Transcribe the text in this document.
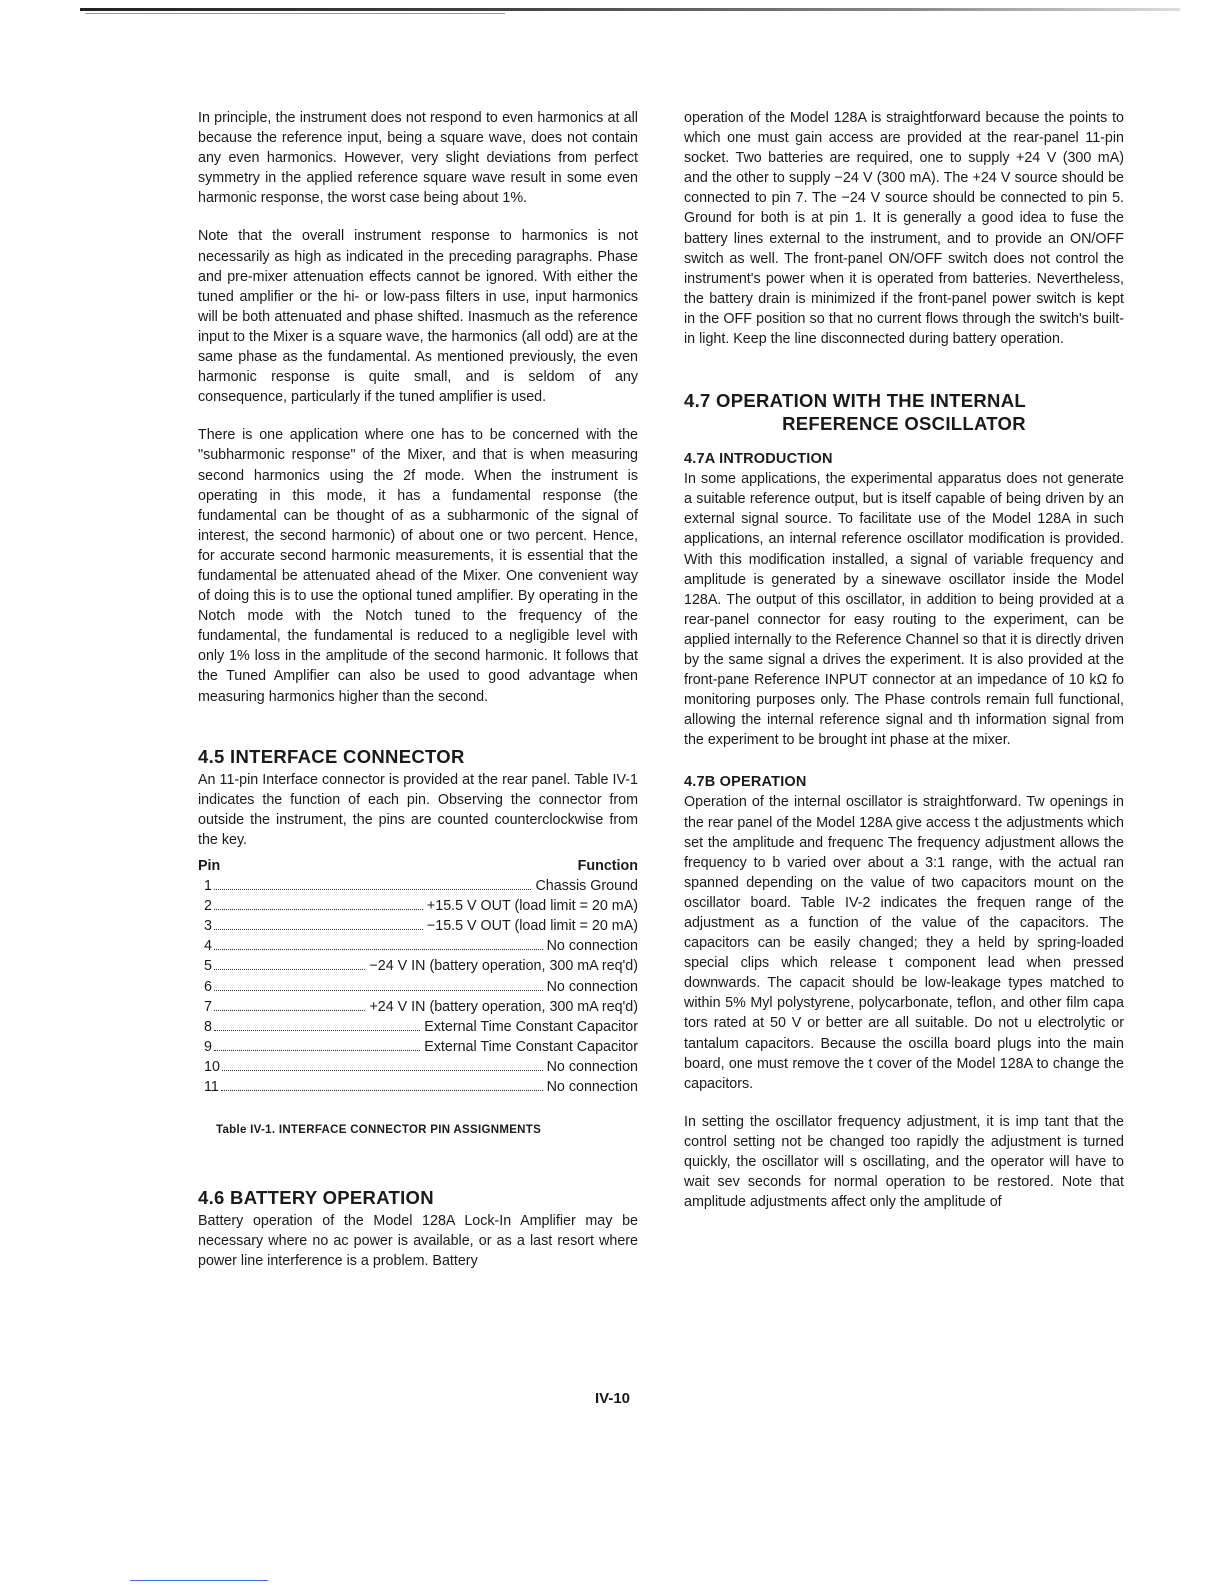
In principle, the instrument does not respond to even harmonics at all because the reference input, being a square wave, does not contain any even harmonics. However, very slight deviations from perfect symmetry in the applied reference square wave result in some even harmonic response, the worst case being about 1%.

Note that the overall instrument response to harmonics is not necessarily as high as indicated in the preceding paragraphs. Phase and pre-mixer attenuation effects cannot be ignored. With either the tuned amplifier or the hi- or low-pass filters in use, input harmonics will be both attenuated and phase shifted. Inasmuch as the reference input to the Mixer is a square wave, the harmonics (all odd) are at the same phase as the fundamental. As mentioned previously, the even harmonic response is quite small, and is seldom of any consequence, particularly if the tuned amplifier is used.

There is one application where one has to be concerned with the "subharmonic response" of the Mixer, and that is when measuring second harmonics using the 2f mode. When the instrument is operating in this mode, it has a fundamental response (the fundamental can be thought of as a subharmonic of the signal of interest, the second harmonic) of about one or two percent. Hence, for accurate second harmonic measurements, it is essential that the fundamental be attenuated ahead of the Mixer. One convenient way of doing this is to use the optional tuned amplifier. By operating in the Notch mode with the Notch tuned to the frequency of the fundamental, the fundamental is reduced to a negligible level with only 1% loss in the amplitude of the second harmonic. It follows that the Tuned Amplifier can also be used to good advantage when measuring harmonics higher than the second.

4.5 INTERFACE CONNECTOR

An 11-pin Interface connector is provided at the rear panel. Table IV-1 indicates the function of each pin. Observing the connector from outside the instrument, the pins are counted counterclockwise from the key.

Pin	Function
1	Chassis Ground
2	+15.5 V OUT (load limit = 20 mA)
3	−15.5 V OUT (load limit = 20 mA)
4	No connection
5	−24 V IN (battery operation, 300 mA req'd)
6	No connection
7	+24 V IN (battery operation, 300 mA req'd)
8	External Time Constant Capacitor
9	External Time Constant Capacitor
10	No connection
11	No connection
Table IV-1. INTERFACE CONNECTOR PIN ASSIGNMENTS
4.6 BATTERY OPERATION

Battery operation of the Model 128A Lock-In Amplifier may be necessary where no ac power is available, or as a last resort where power line interference is a problem. Battery

operation of the Model 128A is straightforward because the points to which one must gain access are provided at the rear-panel 11-pin socket. Two batteries are required, one to supply +24 V (300 mA) and the other to supply −24 V (300 mA). The +24 V source should be connected to pin 7. The −24 V source should be connected to pin 5. Ground for both is at pin 1. It is generally a good idea to fuse the battery lines external to the instrument, and to provide an ON/OFF switch as well. The front-panel ON/OFF switch does not control the instrument's power when it is operated from batteries. Nevertheless, the battery drain is minimized if the front-panel power switch is kept in the OFF position so that no current flows through the switch's built-in light. Keep the line disconnected during battery operation.

4.7 OPERATION WITH THE INTERNAL
REFERENCE OSCILLATOR
4.7A INTRODUCTION

In some applications, the experimental apparatus does not generate a suitable reference output, but is itself capable of being driven by an external signal source. To facilitate use of the Model 128A in such applications, an internal reference oscillator modification is provided. With this modification installed, a signal of variable frequency and amplitude is generated by a sinewave oscillator inside the Model 128A. The output of this oscillator, in addition to being provided at a rear-panel connector for easy routing to the experiment, can be applied internally to the Reference Channel so that it is directly driven by the same signal a drives the experiment. It is also provided at the front-pane Reference INPUT connector at an impedance of 10 kΩ fo monitoring purposes only. The Phase controls remain full functional, allowing the internal reference signal and th information signal from the experiment to be brought int phase at the mixer.

4.7B OPERATION

Operation of the internal oscillator is straightforward. Tw openings in the rear panel of the Model 128A give access t the adjustments which set the amplitude and frequenc The frequency adjustment allows the frequency to b varied over about a 3:1 range, with the actual ran spanned depending on the value of two capacitors mount on the oscillator board. Table IV-2 indicates the frequen range of the adjustment as a function of the value of the capacitors. The capacitors can be easily changed; they a held by spring-loaded special clips which release t component lead when pressed downwards. The capacit should be low-leakage types matched to within 5% Myl polystyrene, polycarbonate, teflon, and other film capa tors rated at 50 V or better are all suitable. Do not u electrolytic or tantalum capacitors. Because the oscilla board plugs into the main board, one must remove the t cover of the Model 128A to change the capacitors.

In setting the oscillator frequency adjustment, it is imp tant that the control setting not be changed too rapidly the adjustment is turned quickly, the oscillator will s oscillating, and the operator will have to wait sev seconds for normal operation to be restored. Note that amplitude adjustments affect only the amplitude of

IV-10
